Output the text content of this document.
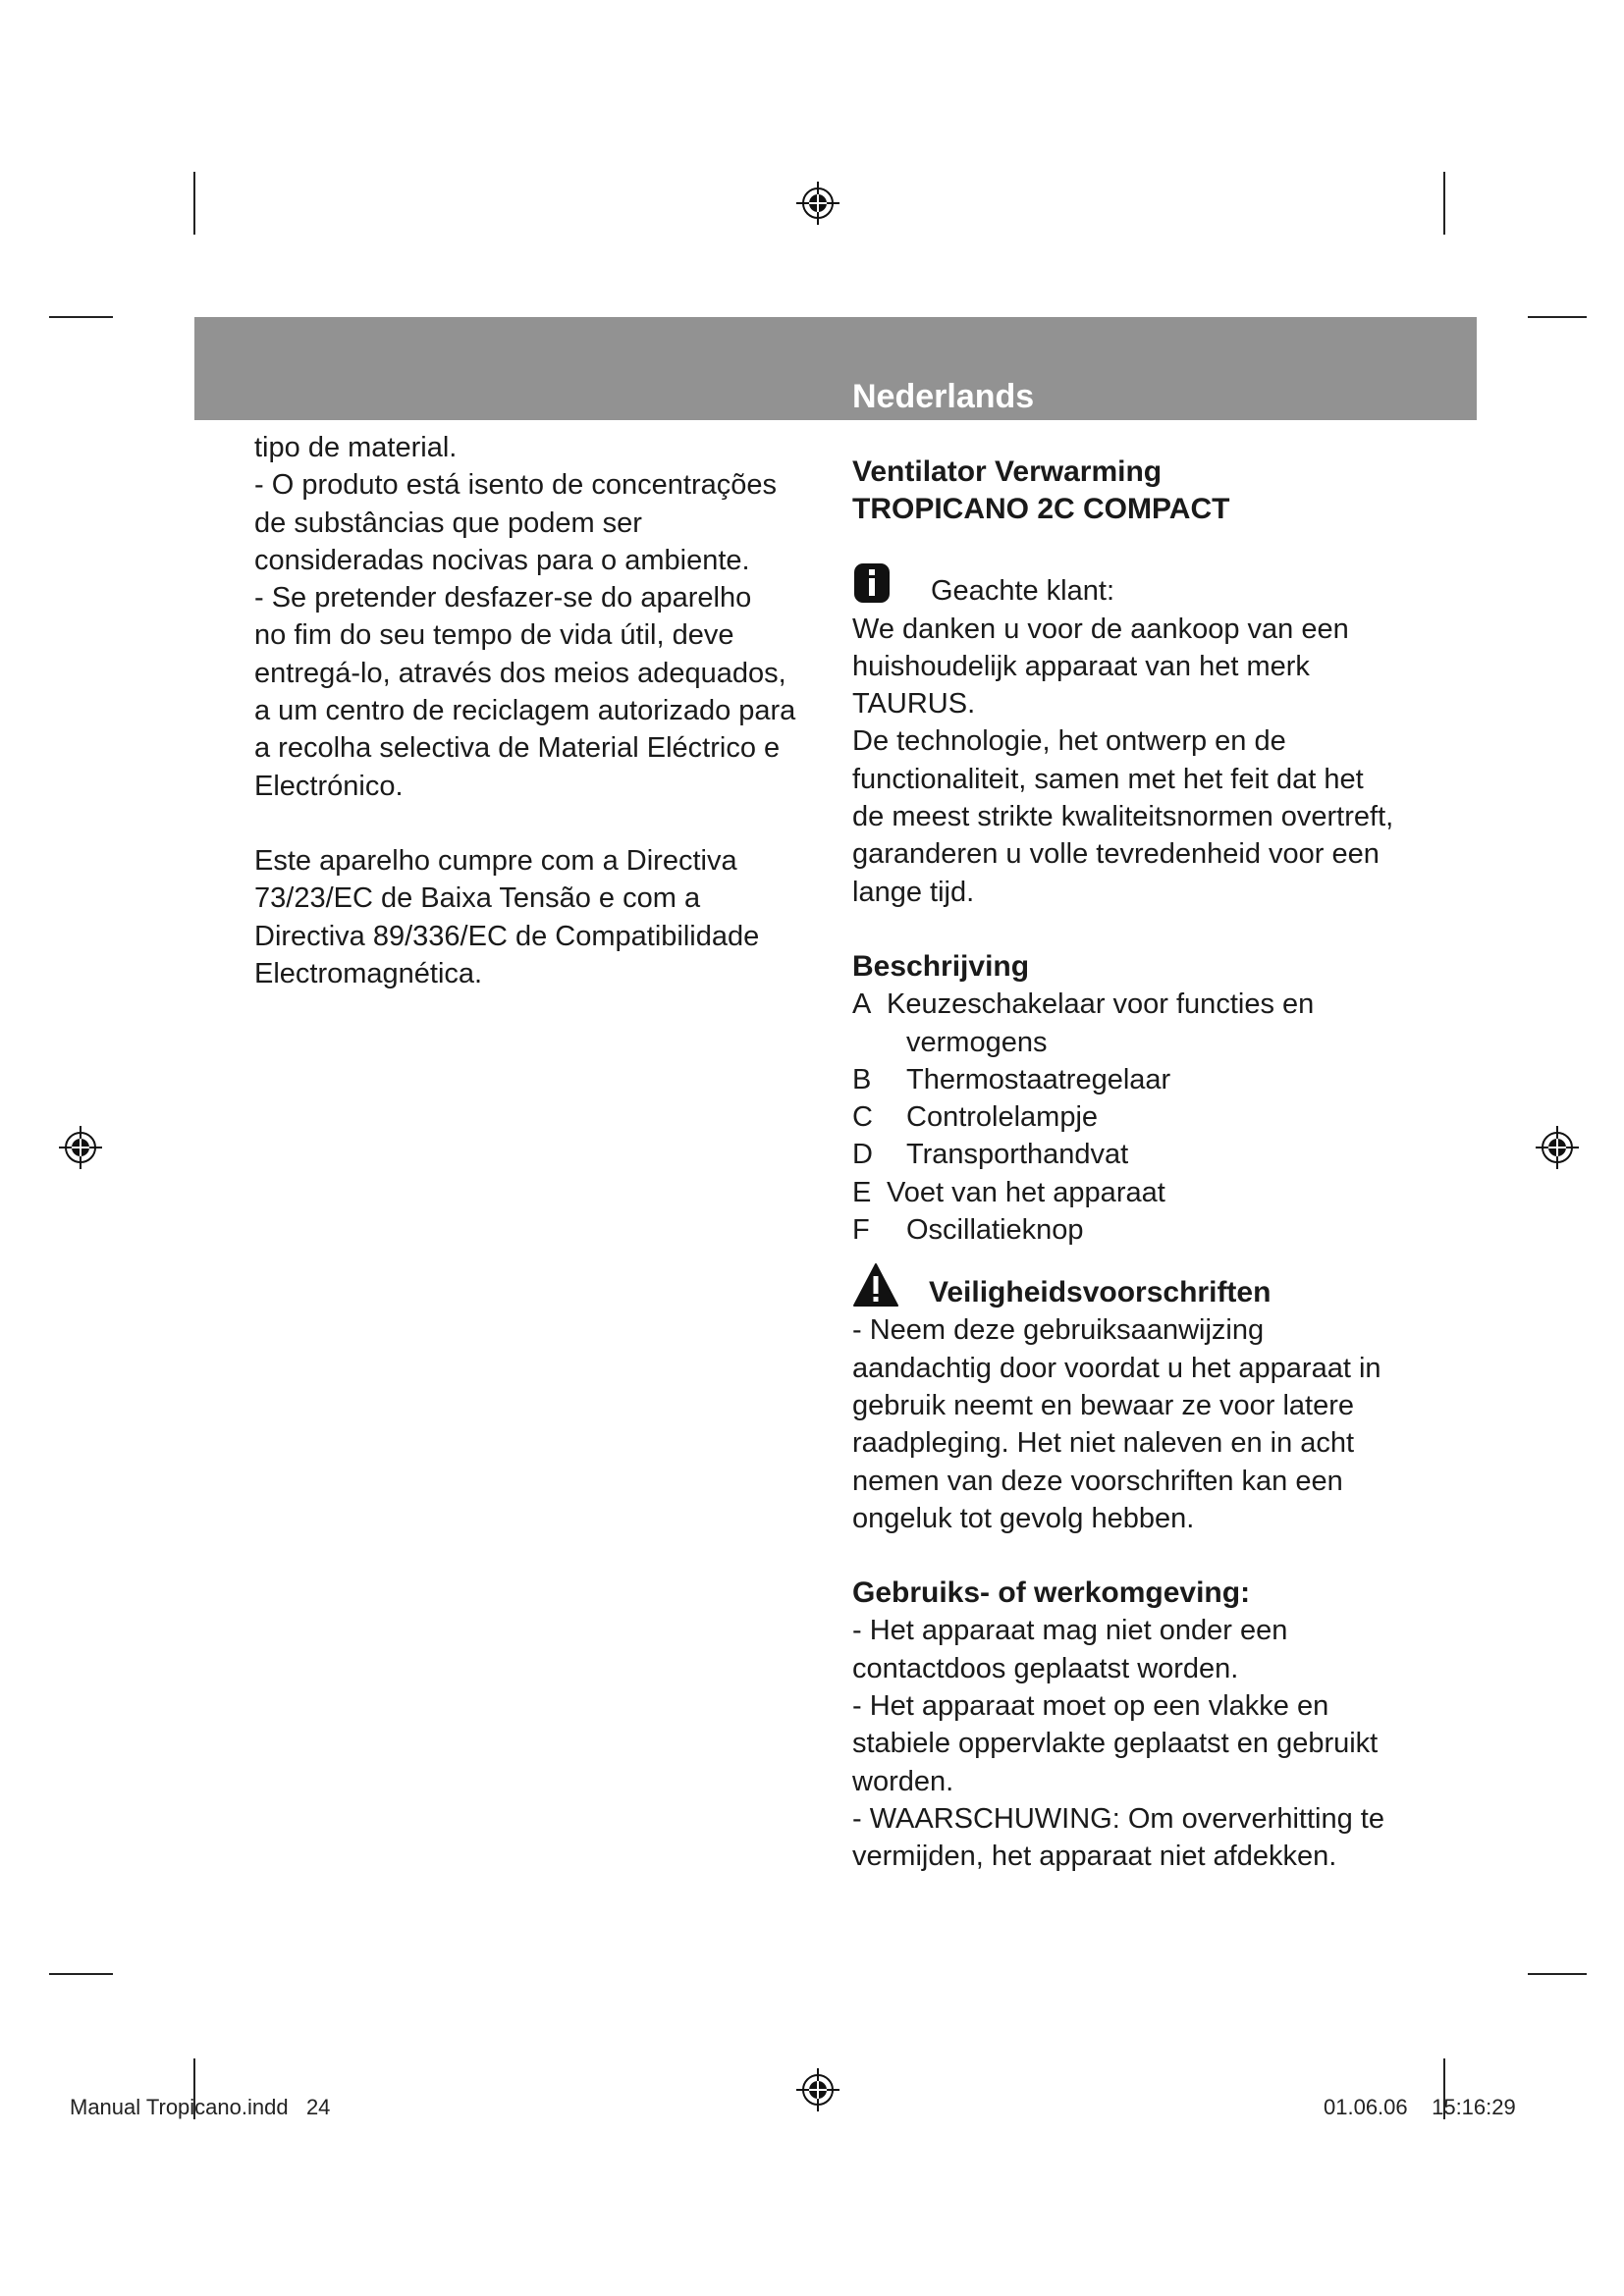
Nederlands

tipo de material.

- O produto está isento de concentrações

de substâncias que podem ser

consideradas nocivas para o ambiente.

- Se pretender desfazer-se do aparelho

no fim do seu tempo de vida útil, deve

entregá-lo, através dos meios adequados,

a um centro de reciclagem autorizado para

a recolha selectiva de Material Eléctrico e

Electrónico.

Este aparelho cumpre com a Directiva

73/23/EC de Baixa Tensão e com a

Directiva 89/336/EC de Compatibilidade

Electromagnética.

Ventilator Verwarming

TROPICANO 2C COMPACT

Geachte klant:

We danken u voor de aankoop van een

huishoudelijk apparaat van het merk

TAURUS.

De technologie, het ontwerp en de

functionaliteit, samen met het feit dat het

de meest strikte kwaliteitsnormen overtreft,

garanderen u volle tevredenheid voor een

lange tijd.

Beschrijving

A Keuzeschakelaar voor functies en
vermogens
B	Thermostaatregelaar
C	Controlelampje
D	Transporthandvat
E Voet van het apparaat
F	Oscillatieknop
Veiligheidsvoorschriften

- Neem deze gebruiksaanwijzing

aandachtig door voordat u het apparaat in

gebruik neemt en bewaar ze voor latere

raadpleging. Het niet naleven en in acht

nemen van deze voorschriften kan een

ongeluk tot gevolg hebben.

Gebruiks- of werkomgeving:

- Het apparaat mag niet onder een

contactdoos geplaatst worden.

- Het apparaat moet op een vlakke en

stabiele oppervlakte geplaatst en gebruikt

worden.

- WAARSCHUWING: Om oververhitting te

vermijden, het apparaat niet afdekken.

Manual Tropicano.indd 24	01.06.06 15:16:29
